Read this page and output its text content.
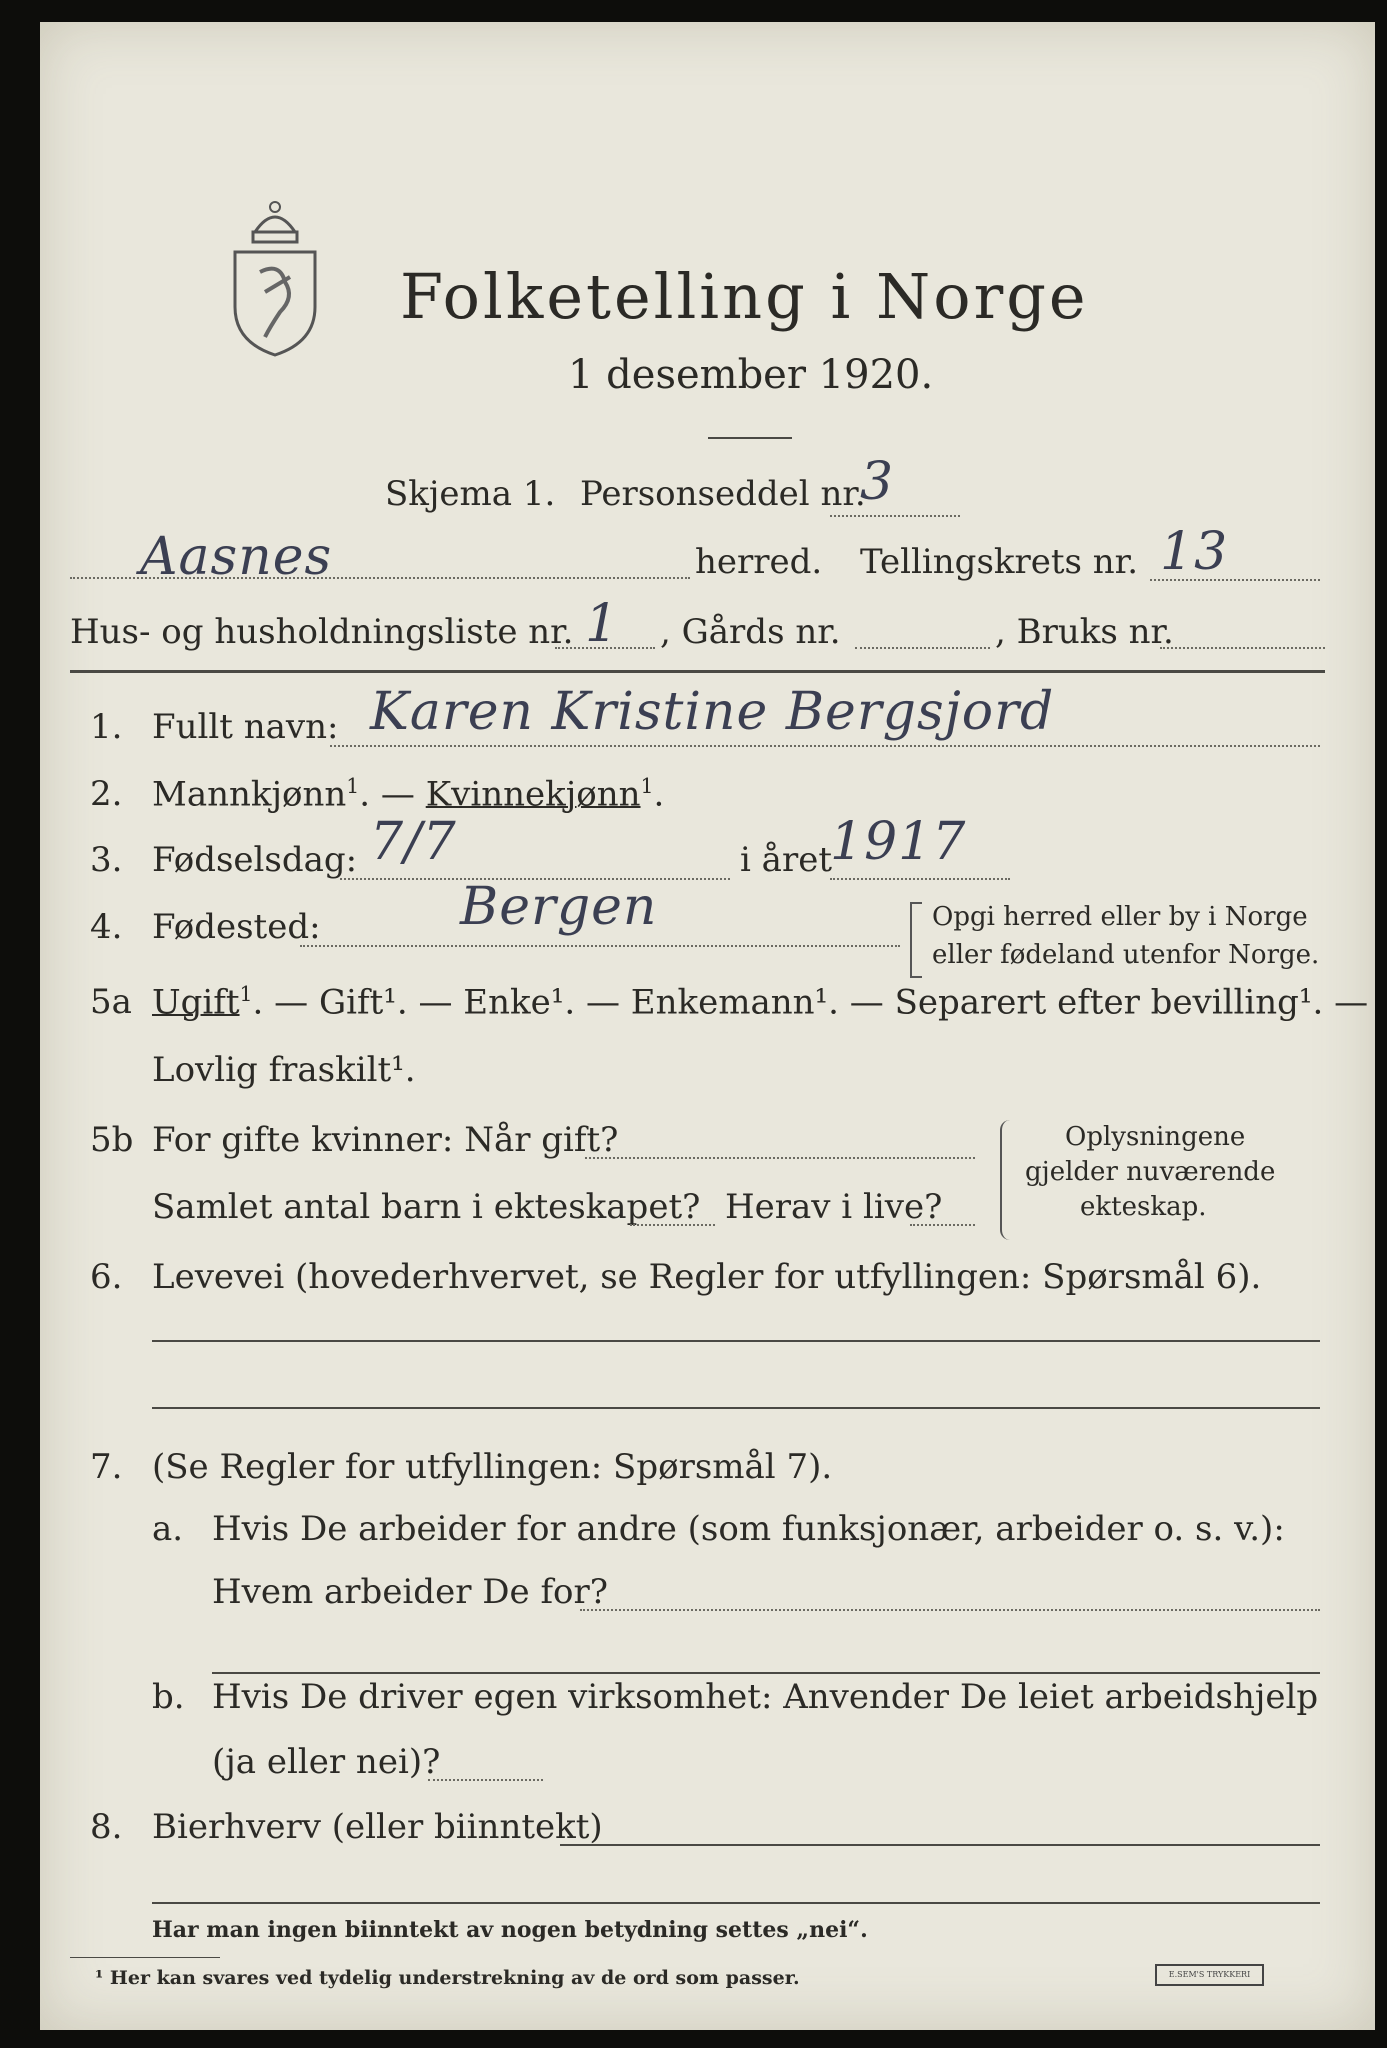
Folketelling i Norge
1 desember 1920.
Skjema 1. Personseddel nr.
3
Aasnes	herred. Tellingskrets nr. 13
Hus- og husholdningsliste nr. 1 , Gårds nr.	, Bruks nr.
1. Fullt navn: Karen Kristine Bergsjord
2. Mannkjønn$^1$. — Kvinnekjønn$^1$.
3. Fødselsdag: 7/7	i året
1917
4. Fødested:	Bergen	Opgi herred eller by i Norge
eller fødeland utenfor Norge.
5a Ugift$^1$. — Gift¹. — Enke¹. — Enkemann¹. — Separert efter bevilling¹. —
Lovlig fraskilt¹.
5b For gifte kvinner: Når gift?
Samlet antal barn i ekteskapet? Herav i live?
Oplysningene
gjelder nuværende
ekteskap.
6. Levevei (hovederhvervet, se Regler for utfyllingen: Spørsmål 6).
7. (Se Regler for utfyllingen: Spørsmål 7).
a. Hvis De arbeider for andre (som funksjonær, arbeider o. s. v.):
Hvem arbeider De for?
b. Hvis De driver egen virksomhet: Anvender De leiet arbeidshjelp
(ja eller nei)?
8. Bierhverv (eller biinntekt)
Har man ingen biinntekt av nogen betydning settes „nei“.
¹ Her kan svares ved tydelig understrekning av de ord som passer.	E.SEM'S TRYKKERI
